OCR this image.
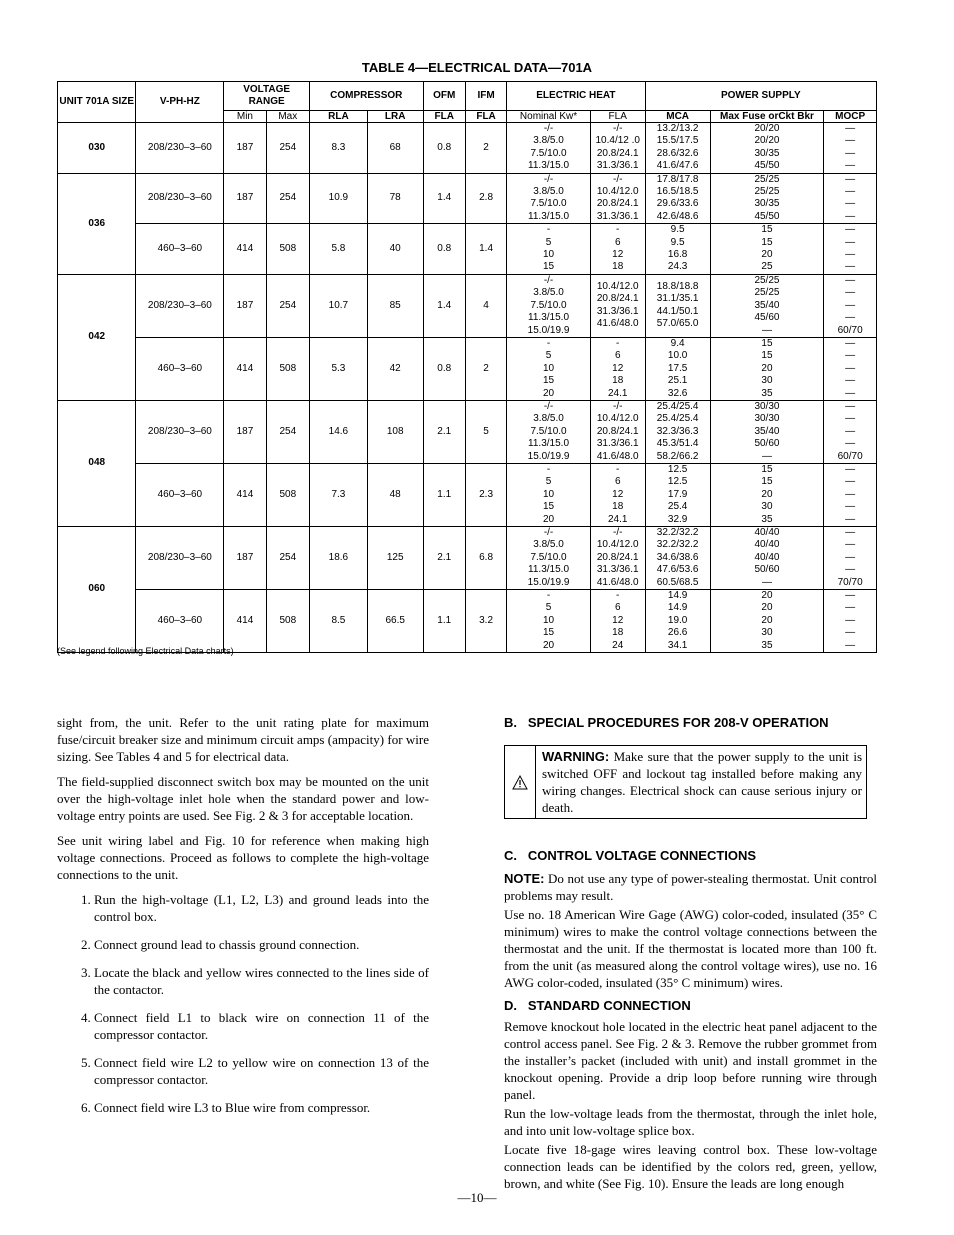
TABLE 4—ELECTRICAL DATA—701A
UNIT 701A SIZE	V-PH-HZ	VOLTAGE RANGE		COMPRESSOR		OFM	IFM	ELECTRIC HEAT		POWER SUPPLY		
		Min	Max	RLA	LRA	FLA	FLA	Nominal Kw*	FLA	MCA	Max Fuse orCkt Bkr	MOCP
030	208/230–3–60	187	254	8.3	68	0.8	2	-/-
3.8/5.0
7.5/10.0
11.3/15.0	-/-
10.4/12 .0
20.8/24.1
31.3/36.1	13.2/13.2
15.5/17.5
28.6/32.6
41.6/47.6	20/20
20/20
30/35
45/50	—
—
—
—

036	208/230–3–60	187	254	10.9	78	1.4	2.8	-/-
3.8/5.0
7.5/10.0
11.3/15.0	-/-
10.4/12.0
20.8/24.1
31.3/36.1	17.8/17.8
16.5/18.5
29.6/33.6
42.6/48.6	25/25
25/25
30/35
45/50	—
—
—
—

	460–3–60	414	508	5.8	40	0.8	1.4	-
5
10
15	-
6
12
18	9.5
9.5
16.8
24.3	15
15
20
25	—
—
—
—

042	208/230–3–60	187	254	10.7	85	1.4	4	-/-
3.8/5.0
7.5/10.0
11.3/15.0
15.0/19.9	10.4/12.0
20.8/24.1
31.3/36.1
41.6/48.0	18.8/18.8
31.1/35.1
44.1/50.1
57.0/65.0	25/25
25/25
35/40
45/60
—	—
—
—
—
60/70

	460–3–60	414	508	5.3	42	0.8	2	-
5
10
15
20	-
6
12
18
24.1	9.4
10.0
17.5
25.1
32.6	15
15
20
30
35	—
—
—
—
—

048	208/230–3–60	187	254	14.6	108	2.1	5	-/-
3.8/5.0
7.5/10.0
11.3/15.0
15.0/19.9	-/-
10.4/12.0
20.8/24.1
31.3/36.1
41.6/48.0	25.4/25.4
25.4/25.4
32.3/36.3
45.3/51.4
58.2/66.2	30/30
30/30
35/40
50/60
—	—
—
—
—
60/70

	460–3–60	414	508	7.3	48	1.1	2.3	-
5
10
15
20	-
6
12
18
24.1	12.5
12.5
17.9
25.4
32.9	15
15
20
30
35	—
—
—
—
—

060	208/230–3–60	187	254	18.6	125	2.1	6.8	-/-
3.8/5.0
7.5/10.0
11.3/15.0
15.0/19.9	-/-
10.4/12.0
20.8/24.1
31.3/36.1
41.6/48.0	32.2/32.2
32.2/32.2
34.6/38.6
47.6/53.6
60.5/68.5	40/40
40/40
40/40
50/60
—	—
—
—
—
70/70

	460–3–60	414	508	8.5	66.5	1.1	3.2	-
5
10
15
20	-
6
12
18
24	14.9
14.9
19.0
26.6
34.1	20
20
20
30
35	—
—
—
—
—
(See legend following Electrical Data charts)

sight from, the unit. Refer to the unit rating plate for maximum fuse/circuit breaker size and minimum circuit amps (ampacity) for wire sizing. See Tables 4 and 5 for electrical data.

The field-supplied disconnect switch box may be mounted on the unit over the high-voltage inlet hole when the standard power and low-voltage entry points are used. See Fig. 2 & 3 for acceptable location.

See unit wiring label and Fig. 10 for reference when making high voltage connections. Proceed as follows to complete the high-voltage connections to the unit.

1. Run the high-voltage (L1, L2, L3) and ground leads into the control box.
2. Connect ground lead to chassis ground connection.
3. Locate the black and yellow wires connected to the lines side of the contactor.
4. Connect field L1 to black wire on connection 11 of the compressor contactor.
5. Connect field wire L2 to yellow wire on connection 13 of the compressor contactor.
6. Connect field wire L3 to Blue wire from compressor.
B.   SPECIAL PROCEDURES FOR 208-V OPERATION
WARNING: Make sure that the power supply to the unit is switched OFF and lockout tag installed before making any wiring changes. Electrical shock can cause serious injury or death.
C.   CONTROL VOLTAGE CONNECTIONS

NOTE: Do not use any type of power-stealing thermostat. Unit control problems may result.

Use no. 18 American Wire Gage (AWG) color-coded, insulated (35° C minimum) wires to make the control voltage connections between the thermostat and the unit. If the thermostat is located more than 100 ft. from the unit (as measured along the control voltage wires), use no. 16 AWG color-coded, insulated (35° C minimum) wires.

D.   STANDARD CONNECTION

Remove knockout hole located in the electric heat panel adjacent to the control access panel. See Fig. 2 & 3. Remove the rubber grommet from the installer’s packet (included with unit) and install grommet in the knockout opening. Provide a drip loop before running wire through panel.

Run the low-voltage leads from the thermostat, through the inlet hole, and into unit low-voltage splice box.

Locate five 18-gage wires leaving control box. These low-voltage connection leads can be identified by the colors red, green, yellow, brown, and white (See Fig. 10). Ensure the leads are long enough

—10—
